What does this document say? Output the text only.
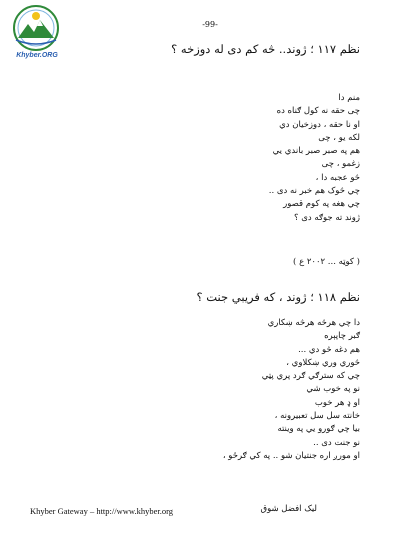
Khyber.ORG
-99-
نظم ۱۱۷ ؛ ژوند.. څه کم دی له دوزخه ؟
منم دا
چی حقه نه کول ګناه ده
او نا حقه ، دوزخیان دي
لکه یو ، چی
هم په صبر صبر باندي يي
زغمو ، چی
څو عجبه دا ،
چي څوک هم خبر نه دی ..
چي هغه په کوم قصور
ژوند ته جوګه دی ؟
( کوټه ... ۲۰۰۲ ع )
نظم ۱۱۸ ؛ ژوند ، که فریبي جنت ؟
دا چي هرڅه هرڅه ښکاري
ګبر چاپېره
هم دغه څو دي ...
څوري وري ښکلاوي ،
چي که سترګي ګرد پري پټي
نو په خوب شي
او ډ هر خوب
خانته سل سل تعبیرونه ،
بیا چي ګورو يي په وینته
نو جنت دی ..
او مورږ اره جنتیان شو .. په کي ګرځو ،
Khyber Gateway – http://www.khyber.org	لیک افضل شوق
